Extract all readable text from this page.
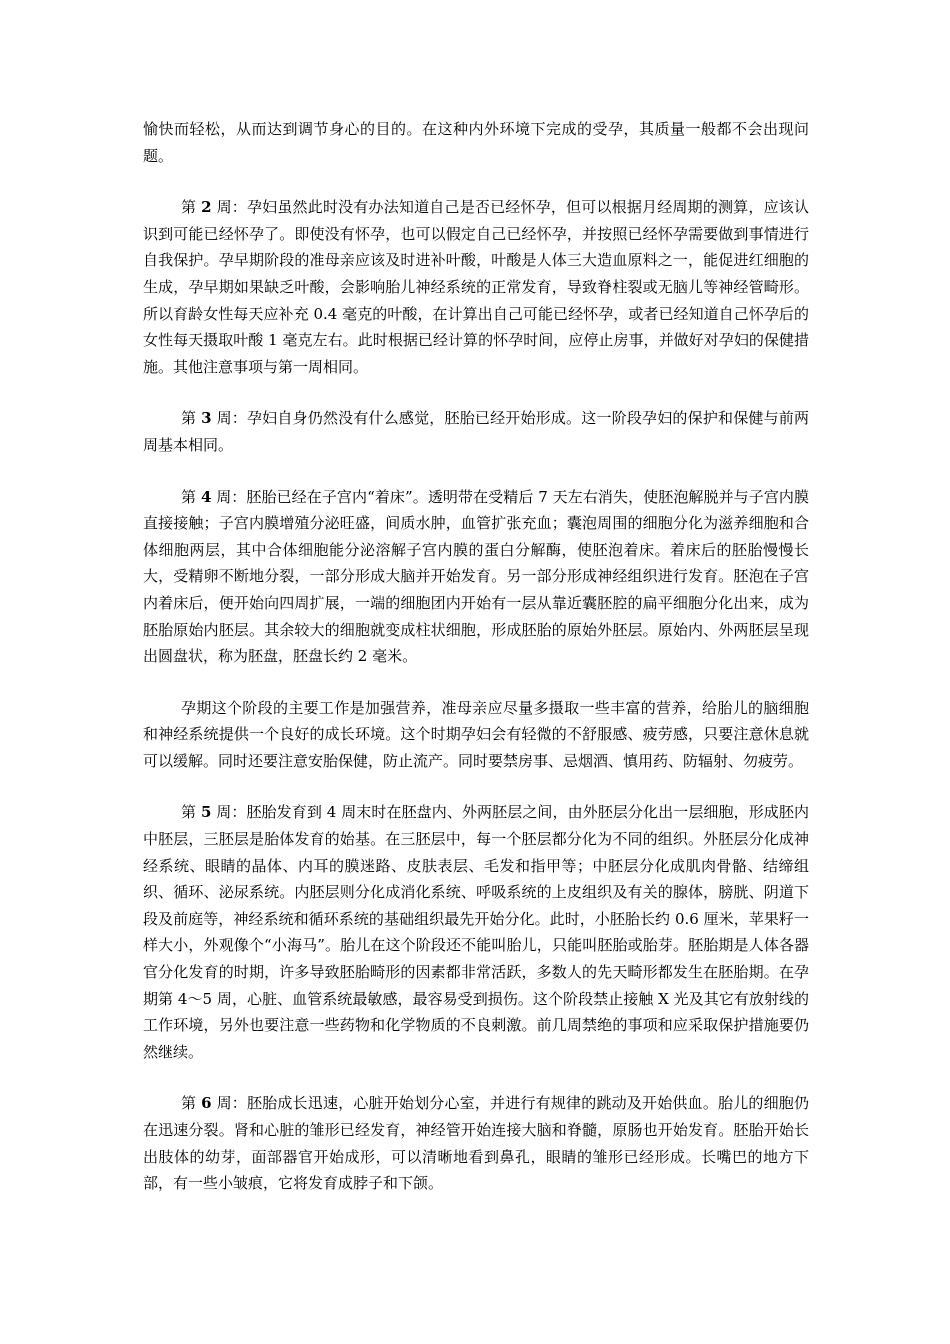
愉快而轻松，从而达到调节身心的目的。在这种内外环境下完成的受孕，其质量一般都不会出现问题。

第 2 周：孕妇虽然此时没有办法知道自己是否已经怀孕，但可以根据月经周期的测算，应该认识到可能已经怀孕了。即使没有怀孕，也可以假定自己已经怀孕，并按照已经怀孕需要做到事情进行自我保护。孕早期阶段的准母亲应该及时进补叶酸，叶酸是人体三大造血原料之一，能促进红细胞的生成，孕早期如果缺乏叶酸，会影响胎儿神经系统的正常发育，导致脊柱裂或无脑儿等神经管畸形。所以育龄女性每天应补充 0.4 毫克的叶酸，在计算出自己可能已经怀孕，或者已经知道自己怀孕后的女性每天摄取叶酸 1 毫克左右。此时根据已经计算的怀孕时间，应停止房事，并做好对孕妇的保健措施。其他注意事项与第一周相同。

第 3 周：孕妇自身仍然没有什么感觉，胚胎已经开始形成。这一阶段孕妇的保护和保健与前两周基本相同。

第 4 周：胚胎已经在子宫内“着床”。透明带在受精后 7 天左右消失，使胚泡解脱并与子宫内膜直接接触；子宫内膜增殖分泌旺盛，间质水肿，血管扩张充血；囊泡周围的细胞分化为滋养细胞和合体细胞两层，其中合体细胞能分泌溶解子宫内膜的蛋白分解酶，使胚泡着床。着床后的胚胎慢慢长大，受精卵不断地分裂，一部分形成大脑并开始发育。另一部分形成神经组织进行发育。胚泡在子宫内着床后，便开始向四周扩展，一端的细胞团内开始有一层从靠近囊胚腔的扁平细胞分化出来，成为胚胎原始内胚层。其余较大的细胞就变成柱状细胞，形成胚胎的原始外胚层。原始内、外两胚层呈现出圆盘状，称为胚盘，胚盘长约 2 毫米。

孕期这个阶段的主要工作是加强营养，准母亲应尽量多摄取一些丰富的营养，给胎儿的脑细胞和神经系统提供一个良好的成长环境。这个时期孕妇会有轻微的不舒服感、疲劳感，只要注意休息就可以缓解。同时还要注意安胎保健，防止流产。同时要禁房事、忌烟酒、慎用药、防辐射、勿疲劳。

第 5 周：胚胎发育到 4 周末时在胚盘内、外两胚层之间，由外胚层分化出一层细胞，形成胚内中胚层，三胚层是胎体发育的始基。在三胚层中，每一个胚层都分化为不同的组织。外胚层分化成神经系统、眼睛的晶体、内耳的膜迷路、皮肤表层、毛发和指甲等；中胚层分化成肌肉骨骼、结缔组织、循环、泌尿系统。内胚层则分化成消化系统、呼吸系统的上皮组织及有关的腺体，膀胱、阴道下段及前庭等，神经系统和循环系统的基础组织最先开始分化。此时，小胚胎长约 0.6 厘米，苹果籽一样大小，外观像个“小海马”。胎儿在这个阶段还不能叫胎儿，只能叫胚胎或胎芽。胚胎期是人体各器官分化发育的时期，许多导致胚胎畸形的因素都非常活跃，多数人的先天畸形都发生在胚胎期。在孕期第 4～5 周，心脏、血管系统最敏感，最容易受到损伤。这个阶段禁止接触 X 光及其它有放射线的工作环境，另外也要注意一些药物和化学物质的不良刺激。前几周禁绝的事项和应采取保护措施要仍然继续。

第 6 周：胚胎成长迅速，心脏开始划分心室，并进行有规律的跳动及开始供血。胎儿的细胞仍在迅速分裂。肾和心脏的雏形已经发育，神经管开始连接大脑和脊髓，原肠也开始发育。胚胎开始长出肢体的幼芽，面部器官开始成形，可以清晰地看到鼻孔，眼睛的雏形已经形成。长嘴巴的地方下部，有一些小皱痕，它将发育成脖子和下颌。
